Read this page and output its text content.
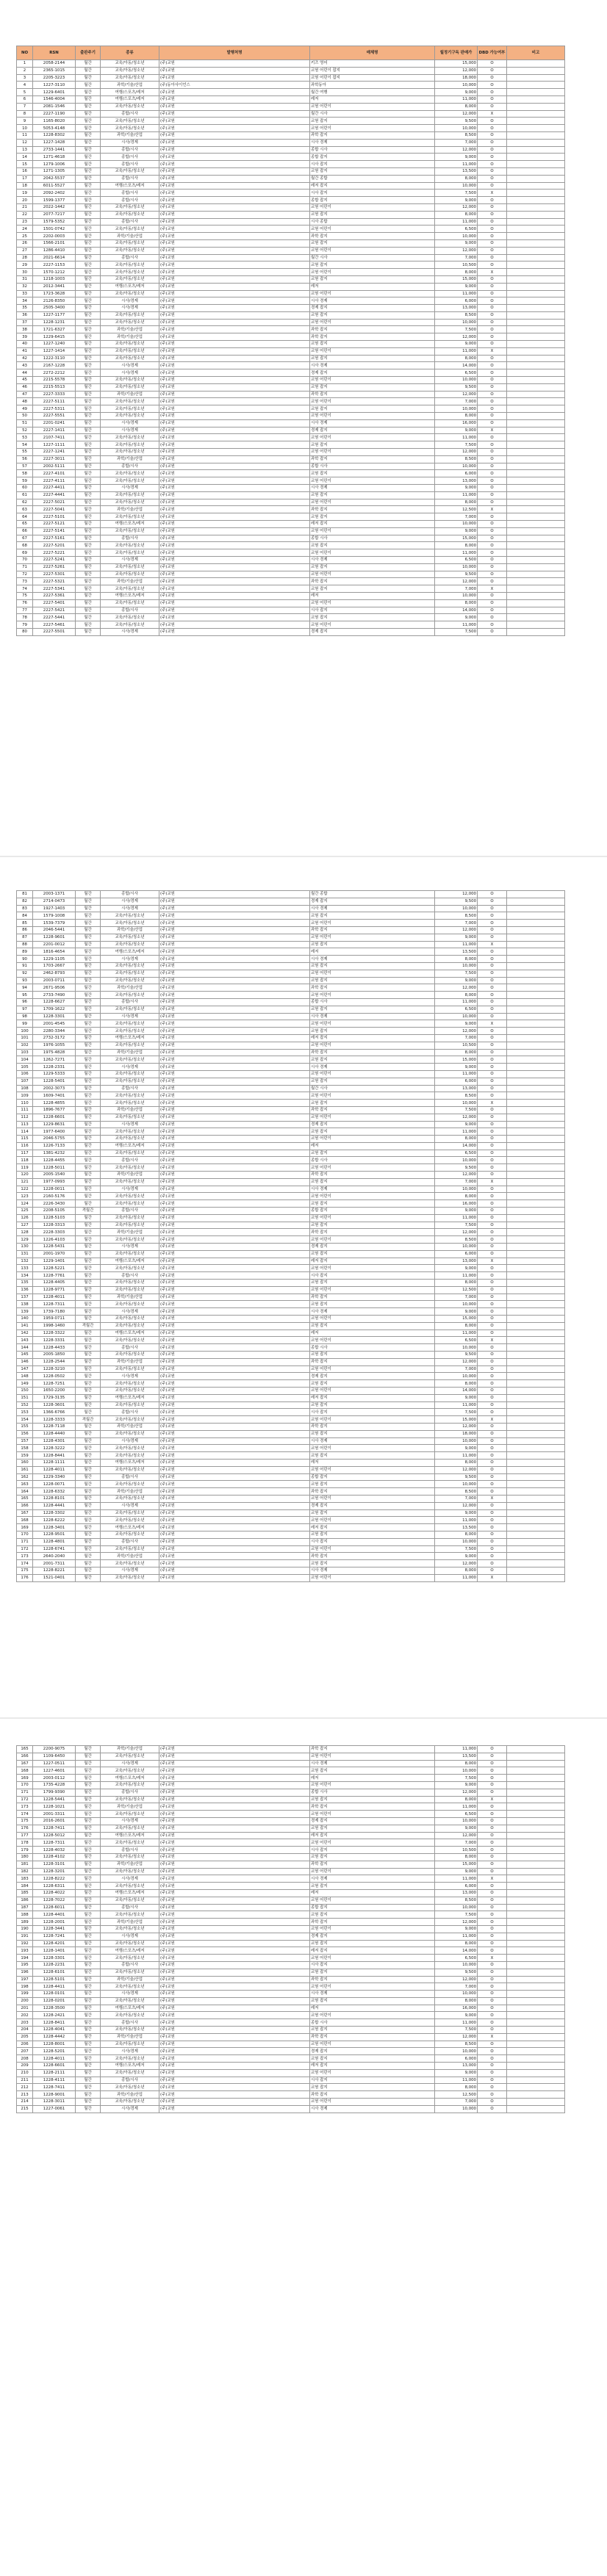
NO	RSN	출판주기	종류	발행처명	매체명	월정기구독 판매가	DBD 가능여부	비고
1	2058-2144	월간	교육/아동/청소년	(주)교원	키즈 영어	15,000	O	
2	2365-1015	월간	교육/아동/청소년	(주)교원	교원 어린이 잡지	12,000	O	
3	2205-3223	월간	교육/아동/청소년	(주)교원	교원 어린이 잡지	18,000	O	
4	1227-3110	월간	과학/기술/산업	(주)동아사이언스	과학동아	10,000	O	
5	1229-6401	월간	여행/스포츠/레저	(주)교원	월간 여행	9,000	O	
6	1546-4004	월간	여행/스포츠/레저	(주)교원	레저	11,000	O	
7	2081-1546	월간	교육/아동/청소년	(주)교원	교원 어린이	8,000	O	
8	2227-1190	월간	종합/시사	(주)교원	월간 시사	12,000	X	
9	1165-8020	월간	교육/아동/청소년	(주)교원	교원 잡지	9,500	O	
10	5053-4148	월간	교육/아동/청소년	(주)교원	교원 어린이	10,000	O	
11	1228-8302	월간	과학/기술/산업	(주)교원	과학 잡지	8,500	O	
12	1227-1428	월간	시사/경제	(주)교원	시사 경제	7,000	O	
13	2733-1441	월간	종합/시사	(주)교원	종합 시사	12,000	O	
14	1271-4618	월간	종합/시사	(주)교원	종합 잡지	9,000	O	
15	1279-1006	월간	종합/시사	(주)교원	시사 잡지	11,000	O	
16	1271-1305	월간	교육/아동/청소년	(주)교원	교원 잡지	13,500	O	
17	2042-5537	월간	종합/시사	(주)교원	월간 종합	8,000	O	
18	6011-5527	월간	여행/스포츠/레저	(주)교원	레저 잡지	10,000	O	
19	2092-2402	월간	종합/시사	(주)교원	시사 잡지	7,500	X	
20	1599-1377	월간	종합/시사	(주)교원	종합 잡지	9,000	O	
21	2022-1442	월간	교육/아동/청소년	(주)교원	교원 어린이	12,000	O	
22	2077-7217	월간	교육/아동/청소년	(주)교원	교원 잡지	8,000	O	
23	1579-5352	월간	종합/시사	(주)교원	시사 종합	11,000	O	
24	1501-0742	월간	교육/아동/청소년	(주)교원	교원 어린이	6,500	O	
25	2202-0003	월간	과학/기술/산업	(주)교원	과학 잡지	10,000	O	
26	1566-2101	월간	교육/아동/청소년	(주)교원	교원 잡지	9,000	O	
27	1286-4410	월간	교육/아동/청소년	(주)교원	교원 어린이	12,000	O	
28	2021-6614	월간	종합/시사	(주)교원	월간 시사	7,000	O	
29	2227-1153	월간	교육/아동/청소년	(주)교원	교원 잡지	10,500	O	
30	1570-1212	월간	교육/아동/청소년	(주)교원	교원 어린이	8,000	X	
31	1218-1003	월간	교육/아동/청소년	(주)교원	교원 잡지	15,000	O	
32	2012-3441	월간	여행/스포츠/레저	(주)교원	레저	9,000	O	
33	1723-3628	월간	교육/아동/청소년	(주)교원	교원 어린이	11,000	O	
34	2126-8350	월간	시사/경제	(주)교원	시사 경제	6,000	O	
35	2505-3400	월간	시사/경제	(주)교원	경제 잡지	13,000	O	
36	1227-1177	월간	교육/아동/청소년	(주)교원	교원 잡지	8,500	O	
37	1228-1231	월간	교육/아동/청소년	(주)교원	교원 어린이	10,000	O	
38	1721-6327	월간	과학/기술/산업	(주)교원	과학 잡지	7,500	O	
39	1229-6415	월간	과학/기술/산업	(주)교원	과학 잡지	12,000	O	
40	1227-1240	월간	교육/아동/청소년	(주)교원	교원 잡지	9,000	O	
41	1227-1414	월간	교육/아동/청소년	(주)교원	교원 어린이	11,000	X	
42	1222-3110	월간	교육/아동/청소년	(주)교원	교원 잡지	8,000	O	
43	2167-1228	월간	시사/경제	(주)교원	시사 경제	14,000	O	
44	2272-2212	월간	시사/경제	(주)교원	경제 잡지	6,500	O	
45	2215-5578	월간	교육/아동/청소년	(주)교원	교원 어린이	10,000	O	
46	2215-5513	월간	교육/아동/청소년	(주)교원	교원 잡지	9,500	O	
47	2227-3333	월간	과학/기술/산업	(주)교원	과학 잡지	12,000	O	
48	2227-5111	월간	교육/아동/청소년	(주)교원	교원 어린이	7,000	O	
49	2227-5311	월간	교육/아동/청소년	(주)교원	교원 잡지	10,000	O	
50	2227-5551	월간	교육/아동/청소년	(주)교원	교원 어린이	8,000	O	
51	2201-0241	월간	시사/경제	(주)교원	시사 경제	16,000	O	
52	2227-1411	월간	시사/경제	(주)교원	경제 잡지	9,000	X	
53	2107-7411	월간	교육/아동/청소년	(주)교원	교원 어린이	11,000	O	
54	1227-1111	월간	교육/아동/청소년	(주)교원	교원 잡지	7,500	O	
55	2227-1241	월간	교육/아동/청소년	(주)교원	교원 어린이	12,000	O	
56	2227-3011	월간	과학/기술/산업	(주)교원	과학 잡지	8,500	O	
57	2002-5111	월간	종합/시사	(주)교원	종합 시사	10,000	O	
58	2227-4101	월간	교육/아동/청소년	(주)교원	교원 잡지	6,000	O	
59	2227-4111	월간	교육/아동/청소년	(주)교원	교원 어린이	13,000	O	
60	2227-4411	월간	시사/경제	(주)교원	시사 경제	9,000	O	
61	2227-4441	월간	교육/아동/청소년	(주)교원	교원 잡지	11,000	O	
62	2227-5021	월간	교육/아동/청소년	(주)교원	교원 어린이	8,000	O	
63	2227-5041	월간	과학/기술/산업	(주)교원	과학 잡지	12,500	X	
64	2227-5101	월간	교육/아동/청소년	(주)교원	교원 잡지	7,000	O	
65	2227-5121	월간	여행/스포츠/레저	(주)교원	레저 잡지	10,000	O	
66	2227-5141	월간	교육/아동/청소년	(주)교원	교원 어린이	9,000	O	
67	2227-5161	월간	종합/시사	(주)교원	종합 시사	15,000	O	
68	2227-5201	월간	교육/아동/청소년	(주)교원	교원 잡지	8,000	O	
69	2227-5221	월간	교육/아동/청소년	(주)교원	교원 어린이	11,000	O	
70	2227-5241	월간	시사/경제	(주)교원	시사 경제	6,500	O	
71	2227-5261	월간	교육/아동/청소년	(주)교원	교원 잡지	10,000	O	
72	2227-5301	월간	교육/아동/청소년	(주)교원	교원 어린이	9,500	O	
73	2227-5321	월간	과학/기술/산업	(주)교원	과학 잡지	12,000	O	
74	2227-5341	월간	교육/아동/청소년	(주)교원	교원 잡지	7,000	X	
75	2227-5361	월간	여행/스포츠/레저	(주)교원	레저	10,000	O	
76	2227-5401	월간	교육/아동/청소년	(주)교원	교원 어린이	8,000	O	
77	2227-5421	월간	종합/시사	(주)교원	시사 잡지	14,000	O	
78	2227-5441	월간	교육/아동/청소년	(주)교원	교원 잡지	9,000	O	
79	2227-5461	월간	교육/아동/청소년	(주)교원	교원 어린이	11,000	O	
80	2227-5501	월간	시사/경제	(주)교원	경제 잡지	7,500	O	
81	2003-1371	월간	종합/시사	(주)교원	월간 종합	12,000	O	
82	2714-0473	월간	시사/경제	(주)교원	경제 잡지	9,500	O	
83	1927-1403	월간	시사/경제	(주)교원	시사 경제	10,000	O	
84	1579-1008	월간	교육/아동/청소년	(주)교원	교원 잡지	8,500	O	
85	1539-7379	월간	교육/아동/청소년	(주)교원	교원 어린이	7,000	O	
86	2046-5441	월간	과학/기술/산업	(주)교원	과학 잡지	12,000	O	
87	1228-9601	월간	교육/아동/청소년	(주)교원	교원 어린이	9,000	O	
88	2201-0012	월간	교육/아동/청소년	(주)교원	교원 잡지	11,000	X	
89	1816-4654	월간	여행/스포츠/레저	(주)교원	레저	13,500	O	
90	1229-1105	월간	시사/경제	(주)교원	시사 경제	8,000	O	
91	1703-2667	월간	교육/아동/청소년	(주)교원	교원 잡지	10,000	O	
92	2462-8793	월간	교육/아동/청소년	(주)교원	교원 어린이	7,500	O	
93	2003-0711	월간	교육/아동/청소년	(주)교원	교원 잡지	9,000	O	
94	2671-9506	월간	과학/기술/산업	(주)교원	과학 잡지	12,000	O	
95	2733-7490	월간	교육/아동/청소년	(주)교원	교원 어린이	8,000	O	
96	1228-6627	월간	종합/시사	(주)교원	종합 시사	11,000	O	
97	1709-1622	월간	교육/아동/청소년	(주)교원	교원 잡지	6,500	O	
98	1228-3301	월간	시사/경제	(주)교원	시사 경제	10,000	O	
99	2001-4545	월간	교육/아동/청소년	(주)교원	교원 어린이	9,000	X	
100	2280-3344	월간	교육/아동/청소년	(주)교원	교원 잡지	12,000	O	
101	2732-3172	월간	여행/스포츠/레저	(주)교원	레저 잡지	7,000	O	
102	1976-1055	월간	교육/아동/청소년	(주)교원	교원 어린이	10,500	O	
103	1975-4828	월간	과학/기술/산업	(주)교원	과학 잡지	8,000	O	
104	1262-7271	월간	교육/아동/청소년	(주)교원	교원 잡지	15,000	O	
105	1228-2331	월간	시사/경제	(주)교원	시사 경제	9,000	O	
106	1229-5333	월간	교육/아동/청소년	(주)교원	교원 어린이	11,000	O	
107	1228-5401	월간	교육/아동/청소년	(주)교원	교원 잡지	6,000	O	
108	2002-3073	월간	종합/시사	(주)교원	월간 시사	13,000	O	
109	1609-7401	월간	교육/아동/청소년	(주)교원	교원 어린이	8,500	O	
110	1228-4855	월간	교육/아동/청소년	(주)교원	교원 잡지	10,000	X	
111	1896-7677	월간	과학/기술/산업	(주)교원	과학 잡지	7,500	O	
112	1228-6601	월간	교육/아동/청소년	(주)교원	교원 어린이	12,000	O	
113	1229-8631	월간	시사/경제	(주)교원	경제 잡지	9,000	O	
114	1977-6400	월간	교육/아동/청소년	(주)교원	교원 잡지	11,000	O	
115	2046-5755	월간	교육/아동/청소년	(주)교원	교원 어린이	8,000	O	
116	1226-7133	월간	여행/스포츠/레저	(주)교원	레저	14,000	O	
117	1381-4232	월간	교육/아동/청소년	(주)교원	교원 잡지	6,500	O	
118	1228-4455	월간	종합/시사	(주)교원	종합 시사	10,000	O	
119	1228-5011	월간	교육/아동/청소년	(주)교원	교원 어린이	9,500	O	
120	2005-1540	월간	과학/기술/산업	(주)교원	과학 잡지	12,000	O	
121	1977-0993	월간	교육/아동/청소년	(주)교원	교원 잡지	7,000	X	
122	1228-0011	월간	시사/경제	(주)교원	시사 경제	10,000	O	
123	2160-5176	월간	교육/아동/청소년	(주)교원	교원 어린이	8,000	O	
124	2226-3430	월간	교육/아동/청소년	(주)교원	교원 잡지	16,000	O	
125	2208-5105	격월간	종합/시사	(주)교원	종합 잡지	9,000	O	
126	1228-5103	월간	교육/아동/청소년	(주)교원	교원 어린이	11,000	O	
127	1228-3313	월간	교육/아동/청소년	(주)교원	교원 잡지	7,500	O	
128	2228-3303	월간	과학/기술/산업	(주)교원	과학 잡지	12,000	O	
129	1226-4103	월간	교육/아동/청소년	(주)교원	교원 어린이	8,500	O	
130	1228-5431	월간	시사/경제	(주)교원	경제 잡지	10,000	O	
131	2001-1970	월간	교육/아동/청소년	(주)교원	교원 잡지	6,000	O	
132	1229-1401	월간	여행/스포츠/레저	(주)교원	레저 잡지	13,000	X	
133	1228-5221	월간	교육/아동/청소년	(주)교원	교원 어린이	9,000	O	
134	1228-7761	월간	종합/시사	(주)교원	시사 잡지	11,000	O	
135	1228-4405	월간	교육/아동/청소년	(주)교원	교원 잡지	8,000	O	
136	1228-9771	월간	교육/아동/청소년	(주)교원	교원 어린이	12,500	O	
137	1228-4011	월간	과학/기술/산업	(주)교원	과학 잡지	7,000	O	
138	1228-7311	월간	교육/아동/청소년	(주)교원	교원 잡지	10,000	O	
139	1739-7180	월간	시사/경제	(주)교원	시사 경제	9,000	O	
140	1959-0711	월간	교육/아동/청소년	(주)교원	교원 어린이	15,000	O	
141	1998-1460	격월간	교육/아동/청소년	(주)교원	교원 잡지	8,000	O	
142	1228-3322	월간	여행/스포츠/레저	(주)교원	레저	11,000	O	
143	1228-3331	월간	교육/아동/청소년	(주)교원	교원 어린이	6,500	X	
144	1228-4433	월간	종합/시사	(주)교원	종합 시사	10,000	O	
145	2005-1850	월간	교육/아동/청소년	(주)교원	교원 잡지	9,500	O	
146	1228-2544	월간	과학/기술/산업	(주)교원	과학 잡지	12,000	O	
147	1228-3210	월간	교육/아동/청소년	(주)교원	교원 어린이	7,000	O	
148	1228-0502	월간	시사/경제	(주)교원	경제 잡지	10,000	O	
149	1228-7251	월간	교육/아동/청소년	(주)교원	교원 잡지	8,000	O	
150	1650-2200	월간	교육/아동/청소년	(주)교원	교원 어린이	14,000	O	
151	1729-3135	월간	여행/스포츠/레저	(주)교원	레저 잡지	9,000	O	
152	1228-3601	월간	교육/아동/청소년	(주)교원	교원 잡지	11,000	O	
153	1366-6766	월간	종합/시사	(주)교원	시사 잡지	7,500	O	
154	1228-3333	격월간	교육/아동/청소년	(주)교원	교원 어린이	15,000	X	
155	1228-7118	월간	과학/기술/산업	(주)교원	과학 잡지	12,000	O	
156	1228-4440	월간	교육/아동/청소년	(주)교원	교원 잡지	18,000	O	
157	1228-4301	월간	시사/경제	(주)교원	시사 경제	10,000	O	
158	1228-3222	월간	교육/아동/청소년	(주)교원	교원 어린이	9,000	O	
159	1228-8441	월간	교육/아동/청소년	(주)교원	교원 잡지	11,000	O	
160	1228-1111	월간	여행/스포츠/레저	(주)교원	레저	8,000	O	
161	1228-4011	월간	교육/아동/청소년	(주)교원	교원 어린이	12,000	O	
162	1229-3340	월간	종합/시사	(주)교원	종합 잡지	9,500	O	
163	1228-0071	월간	교육/아동/청소년	(주)교원	교원 잡지	10,000	O	
164	1228-6332	월간	과학/기술/산업	(주)교원	과학 잡지	8,500	O	
165	1228-8101	월간	교육/아동/청소년	(주)교원	교원 어린이	7,000	X	
166	1228-4441	월간	시사/경제	(주)교원	경제 잡지	12,000	O	
167	1228-3302	월간	교육/아동/청소년	(주)교원	교원 잡지	9,000	O	
168	1228-6222	월간	교육/아동/청소년	(주)교원	교원 어린이	11,000	O	
169	1228-3401	월간	여행/스포츠/레저	(주)교원	레저 잡지	13,500	O	
170	1228-9501	월간	교육/아동/청소년	(주)교원	교원 잡지	8,000	O	
171	1228-4801	월간	종합/시사	(주)교원	시사 잡지	10,000	O	
172	1228-6741	월간	교육/아동/청소년	(주)교원	교원 어린이	7,500	O	
173	2640-2040	월간	과학/기술/산업	(주)교원	과학 잡지	9,000	O	
174	2001-7311	월간	교육/아동/청소년	(주)교원	교원 잡지	12,000	O	
175	1228-8221	월간	시사/경제	(주)교원	시사 경제	8,000	O	
176	1521-0401	월간	교육/아동/청소년	(주)교원	교원 어린이	11,000	X	
165	2200-9075	월간	과학/기술/산업	(주)교원	과학 잡지	11,000	O	
166	1109-6450	월간	교육/아동/청소년	(주)교원	교원 어린이	13,500	O	
167	1227-0511	월간	시사/경제	(주)교원	시사 경제	8,000	O	
168	1227-4601	월간	교육/아동/청소년	(주)교원	교원 잡지	10,000	O	
169	2003-0112	월간	여행/스포츠/레저	(주)교원	레저	7,500	O	
170	1735-4228	월간	교육/아동/청소년	(주)교원	교원 어린이	9,000	O	
171	1799-9390	월간	종합/시사	(주)교원	종합 시사	12,000	O	
172	1228-5441	월간	교육/아동/청소년	(주)교원	교원 잡지	8,000	X	
173	1228-1021	월간	과학/기술/산업	(주)교원	과학 잡지	11,000	O	
174	2001-3311	월간	교육/아동/청소년	(주)교원	교원 어린이	6,500	O	
175	2016-2601	월간	시사/경제	(주)교원	경제 잡지	10,000	O	
176	1228-7411	월간	교육/아동/청소년	(주)교원	교원 잡지	9,000	O	
177	1228-5012	월간	여행/스포츠/레저	(주)교원	레저 잡지	12,000	O	
178	1228-7311	월간	교육/아동/청소년	(주)교원	교원 어린이	7,000	O	
179	1228-4032	월간	종합/시사	(주)교원	시사 잡지	10,500	O	
180	1228-4102	월간	교육/아동/청소년	(주)교원	교원 잡지	8,000	O	
181	1228-3101	월간	과학/기술/산업	(주)교원	과학 잡지	15,000	O	
182	1228-3201	월간	교육/아동/청소년	(주)교원	교원 어린이	9,000	O	
183	1228-8222	월간	시사/경제	(주)교원	시사 경제	11,000	X	
184	1228-6311	월간	교육/아동/청소년	(주)교원	교원 잡지	6,000	O	
185	1228-4022	월간	여행/스포츠/레저	(주)교원	레저	13,000	O	
186	1228-7022	월간	교육/아동/청소년	(주)교원	교원 어린이	8,500	O	
187	1228-6011	월간	종합/시사	(주)교원	종합 잡지	10,000	O	
188	1228-4401	월간	교육/아동/청소년	(주)교원	교원 잡지	7,500	O	
189	1228-2001	월간	과학/기술/산업	(주)교원	과학 잡지	12,000	O	
190	1228-3441	월간	교육/아동/청소년	(주)교원	교원 어린이	9,000	O	
191	1228-7241	월간	시사/경제	(주)교원	경제 잡지	11,000	O	
192	1228-4201	월간	교육/아동/청소년	(주)교원	교원 잡지	8,000	O	
193	1228-1401	월간	여행/스포츠/레저	(주)교원	레저 잡지	14,000	O	
194	1228-3301	월간	교육/아동/청소년	(주)교원	교원 어린이	6,500	X	
195	1228-2231	월간	종합/시사	(주)교원	시사 잡지	10,000	O	
196	1228-6101	월간	교육/아동/청소년	(주)교원	교원 잡지	9,500	O	
197	1228-5101	월간	과학/기술/산업	(주)교원	과학 잡지	12,000	O	
198	1228-4411	월간	교육/아동/청소년	(주)교원	교원 어린이	7,000	O	
199	1228-0101	월간	시사/경제	(주)교원	시사 경제	10,000	O	
200	1228-0201	월간	교육/아동/청소년	(주)교원	교원 잡지	8,000	O	
201	1228-3500	월간	여행/스포츠/레저	(주)교원	레저	16,000	O	
202	1228-2421	월간	교육/아동/청소년	(주)교원	교원 어린이	9,000	O	
203	1228-8411	월간	종합/시사	(주)교원	종합 시사	11,000	O	
204	1228-4041	월간	교육/아동/청소년	(주)교원	교원 잡지	7,500	O	
205	1228-4442	월간	과학/기술/산업	(주)교원	과학 잡지	12,000	X	
206	1228-8001	월간	교육/아동/청소년	(주)교원	교원 어린이	8,500	O	
207	1228-5201	월간	시사/경제	(주)교원	경제 잡지	10,000	O	
208	1228-4011	월간	교육/아동/청소년	(주)교원	교원 잡지	6,000	O	
209	1228-6601	월간	여행/스포츠/레저	(주)교원	레저 잡지	13,000	O	
210	1228-2111	월간	교육/아동/청소년	(주)교원	교원 어린이	9,000	O	
211	1228-4111	월간	종합/시사	(주)교원	시사 잡지	11,000	O	
212	1228-7411	월간	교육/아동/청소년	(주)교원	교원 잡지	8,000	O	
213	1228-9001	월간	과학/기술/산업	(주)교원	과학 잡지	12,500	O	
214	1228-3011	월간	교육/아동/청소년	(주)교원	교원 어린이	7,000	O	
215	1227-0061	월간	시사/경제	(주)교원	시사 경제	10,000	O	
